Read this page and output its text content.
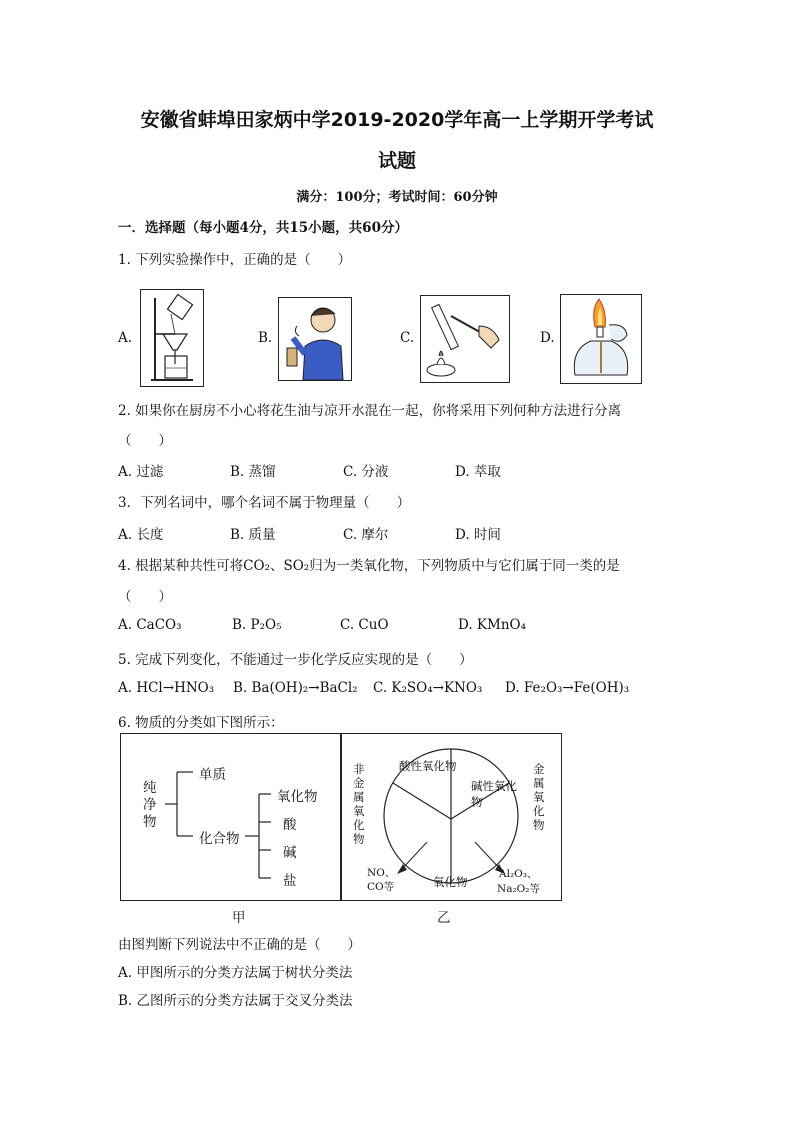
安徽省蚌埠田家炳中学2019-2020学年高一上学期开学考试
试题
满分：100分；考试时间：60分钟
一．选择题（每小题4分，共15小题，共60分）
1. 下列实验操作中，正确的是（　　）
A.	B.	C.	D.
2. 如果你在厨房不小心将花生油与凉开水混在一起，你将采用下列何种方法进行分离
（　　）
A. 过滤	B. 蒸馏	C. 分液	D. 萃取
3．下列名词中，哪个名词不属于物理量（　　）
A. 长度	B. 质量	C. 摩尔	D. 时间
4. 根据某种共性可将CO₂、SO₂归为一类氧化物，下列物质中与它们属于同一类的是
（　　）
A. CaCO₃	B. P₂O₅	C. CuO	D. KMnO₄
5. 完成下列变化，不能通过一步化学反应实现的是（　　）
A. HCl→HNO₃ B. Ba(OH)₂→BaCl₂ C. K₂SO₄→KNO₃ D. Fe₂O₃→Fe(OH)₃
6. 物质的分类如下图所示：
纯净物
单质
化合物
氧化物
酸
碱
盐
非金属氧化物
金属氧化物
酸性氧化物
碱性氧化物
氧化物
NO、CO等
Al₂O₃、
Na₂O₂等
甲	乙
由图判断下列说法中不正确的是（　　）
A. 甲图所示的分类方法属于树状分类法
B. 乙图所示的分类方法属于交叉分类法
